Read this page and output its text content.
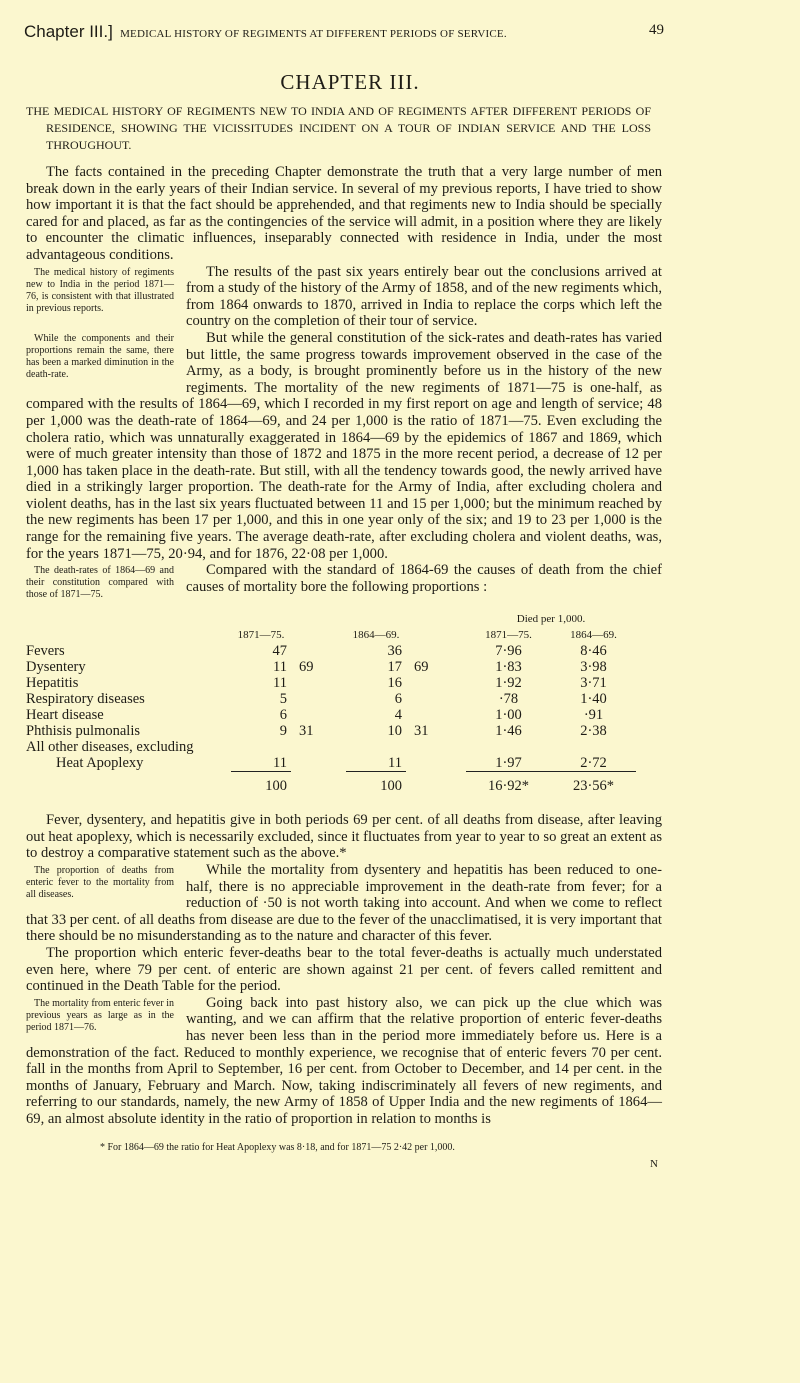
Chapter III.] MEDICAL HISTORY OF REGIMENTS AT DIFFERENT PERIODS OF SERVICE.	49
CHAPTER III.
THE MEDICAL HISTORY OF REGIMENTS NEW TO INDIA AND OF REGIMENTS AFTER DIFFERENT PERIODS OF RESIDENCE, SHOWING THE VICISSITUDES INCIDENT ON A TOUR OF INDIAN SERVICE AND THE LOSS THROUGHOUT.

The facts contained in the preceding Chapter demonstrate the truth that a very large number of men break down in the early years of their Indian service. In several of my previous reports, I have tried to show how important it is that the fact should be apprehended, and that regiments new to India should be specially cared for and placed, as far as the contingencies of the service will admit, in a position where they are likely to encounter the climatic influences, inseparably connected with residence in India, under the most advantageous conditions.

The medical history of regiments new to India in the period 1871—76, is consistent with that illustrated in previous reports.
The results of the past six years entirely bear out the conclusions arrived at from a study of the history of the Army of 1858, and of the new regiments which, from 1864 onwards to 1870, arrived in India to replace the corps which left the country on the completion of their tour of service.

While the components and their proportions remain the same, there has been a marked diminution in the death-rate.
But while the general constitution of the sick-rates and death-rates has varied but little, the same progress towards improvement observed in the case of the Army, as a body, is brought prominently before us in the history of the new regiments. The mortality of the new regiments of 1871—75 is one-half, as compared with the results of 1864—69, which I recorded in my first report on age and length of service; 48 per 1,000 was the death-rate of 1864—69, and 24 per 1,000 is the ratio of 1871—75. Even excluding the cholera ratio, which was unnaturally exaggerated in 1864—69 by the epidemics of 1867 and 1869, which were of much greater intensity than those of 1872 and 1875 in the more recent period, a decrease of 12 per 1,000 has taken place in the death-rate. But still, with all the tendency towards good, the newly arrived have died in a strikingly larger proportion. The death-rate for the Army of India, after excluding cholera and violent deaths, has in the last six years fluctuated between 11 and 15 per 1,000; but the minimum reached by the new regiments has been 17 per 1,000, and this in one year only of the six; and 19 to 23 per 1,000 is the range for the remaining five years. The average death-rate, after excluding cholera and violent deaths, was, for the years 1871—75, 20·94, and for 1876, 22·08 per 1,000.

The death-rates of 1864—69 and their constitution compared with those of 1871—75.
Compared with the standard of 1864-69 the causes of death from the chief causes of mortality bore the following proportions :

					Died per 1,000.	
	1871—75.		1864—69.		1871—75.	1864—69.
Fevers	47		36		7·96	8·46
Dysentery	11	69	17	69	1·83	3·98
Hepatitis	11		16		1·92	3·71
Respiratory diseases	5		6		·78	1·40
Heart disease	6		4		1·00	·91
Phthisis pulmonalis	9	31	10	31	1·46	2·38
All other diseases, excluding						
Heat Apoplexy	11		11		1·97	2·72
	100		100		16·92*	23·56*

Fever, dysentery, and hepatitis give in both periods 69 per cent. of all deaths from disease, after leaving out heat apoplexy, which is necessarily excluded, since it fluctuates from year to year to so great an extent as to destroy a comparative statement such as the above.*

The proportion of deaths from enteric fever to the mortality from all diseases.
While the mortality from dysentery and hepatitis has been reduced to one-half, there is no appreciable improvement in the death-rate from fever; for a reduction of ·50 is not worth taking into account. And when we come to reflect that 33 per cent. of all deaths from disease are due to the fever of the unacclimatised, it is very important that there should be no misunderstanding as to the nature and character of this fever.

The proportion which enteric fever-deaths bear to the total fever-deaths is actually much understated even here, where 79 per cent. of enteric are shown against 21 per cent. of fevers called remittent and continued in the Death Table for the period.

The mortality from enteric fever in previous years as large as in the period 1871—76.
Going back into past history also, we can pick up the clue which was wanting, and we can affirm that the relative proportion of enteric fever-deaths has never been less than in the period more immediately before us. Here is a demonstration of the fact. Reduced to monthly experience, we recognise that of enteric fevers 70 per cent. fall in the months from April to September, 16 per cent. from October to December, and 14 per cent. in the months of January, February and March. Now, taking indiscriminately all fevers of new regiments, and referring to our standards, namely, the new Army of 1858 of Upper India and the new regiments of 1864—69, an almost absolute identity in the ratio of proportion in relation to months is

* For 1864—69 the ratio for Heat Apoplexy was 8·18, and for 1871—75 2·42 per 1,000.
N
